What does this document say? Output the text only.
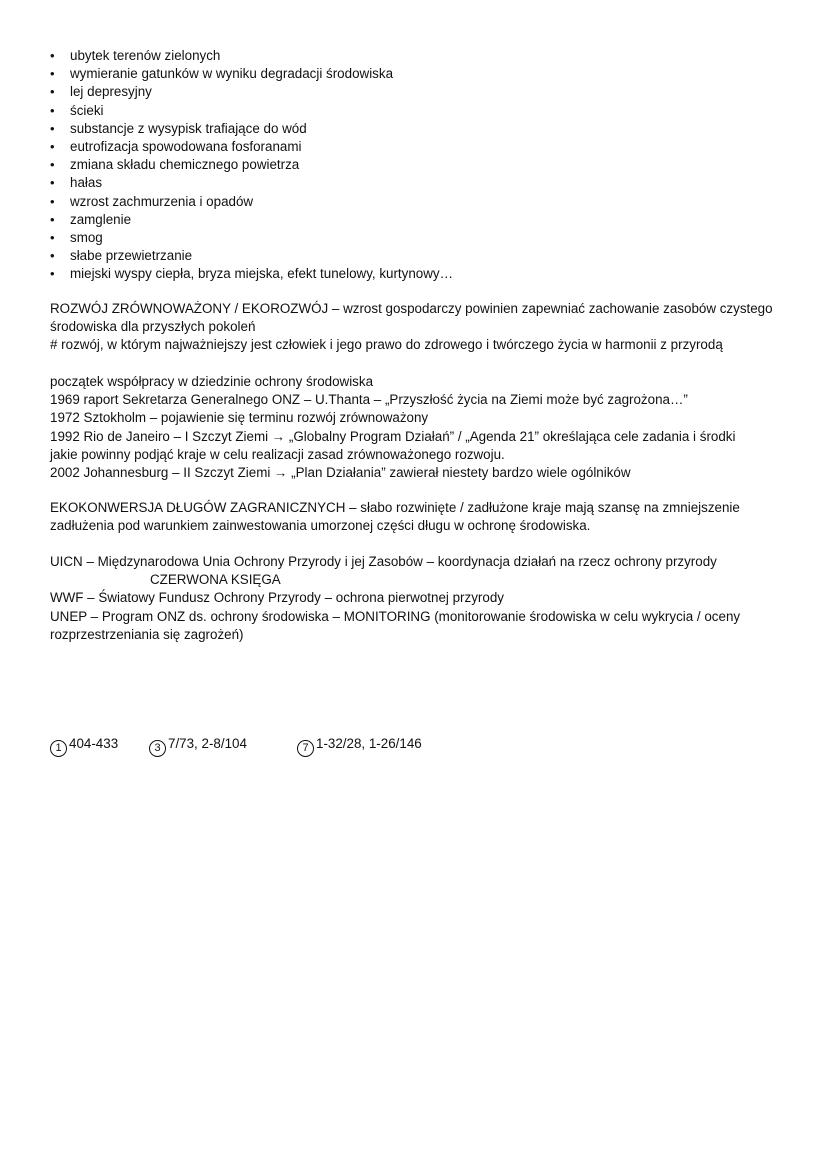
•	ubytek terenów zielonych
•	wymieranie gatunków w wyniku degradacji środowiska
•	lej depresyjny
•	ścieki
•	substancje z wysypisk trafiające do wód
•	eutrofizacja spowodowana fosforanami
•	zmiana składu chemicznego powietrza
•	hałas
•	wzrost zachmurzenia i opadów
•	zamglenie
•	smog
•	słabe przewietrzanie
•	miejski wyspy ciepła, bryza miejska, efekt tunelowy, kurtynowy…

ROZWÓJ ZRÓWNOWAŻONY / EKOROZWÓJ – wzrost gospodarczy powinien zapewniać zachowanie zasobów czystego

środowiska dla przyszłych pokoleń

# rozwój, w którym najważniejszy jest człowiek i jego prawo do zdrowego i twórczego życia w harmonii z przyrodą

początek współpracy w dziedzinie ochrony środowiska

1969 raport Sekretarza Generalnego ONZ – U.Thanta – „Przyszłość życia na Ziemi może być zagrożona…”

1972 Sztokholm – pojawienie się terminu rozwój zrównoważony

1992 Rio de Janeiro – I Szczyt Ziemi → „Globalny Program Działań” / „Agenda 21” określająca cele zadania i środki

jakie powinny podjąć kraje w celu realizacji zasad zrównoważonego rozwoju.

2002 Johannesburg – II Szczyt Ziemi → „Plan Działania” zawierał niestety bardzo wiele ogólników

EKOKONWERSJA DŁUGÓW ZAGRANICZNYCH – słabo rozwinięte / zadłużone kraje mają szansę na zmniejszenie

zadłużenia pod warunkiem zainwestowania umorzonej części długu w ochronę środowiska.

UICN – Międzynarodowa Unia Ochrony Przyrody i jej Zasobów – koordynacja działań na rzecz ochrony przyrody

CZERWONA KSIĘGA

WWF – Światowy Fundusz Ochrony Przyrody – ochrona pierwotnej przyrody

UNEP – Program ONZ ds. ochrony środowiska – MONITORING (monitorowanie środowiska w celu wykrycia / oceny

rozprzestrzeniania się zagrożeń)

1 404-433	3 7/73, 2-8/104	7 1-32/28, 1-26/146
